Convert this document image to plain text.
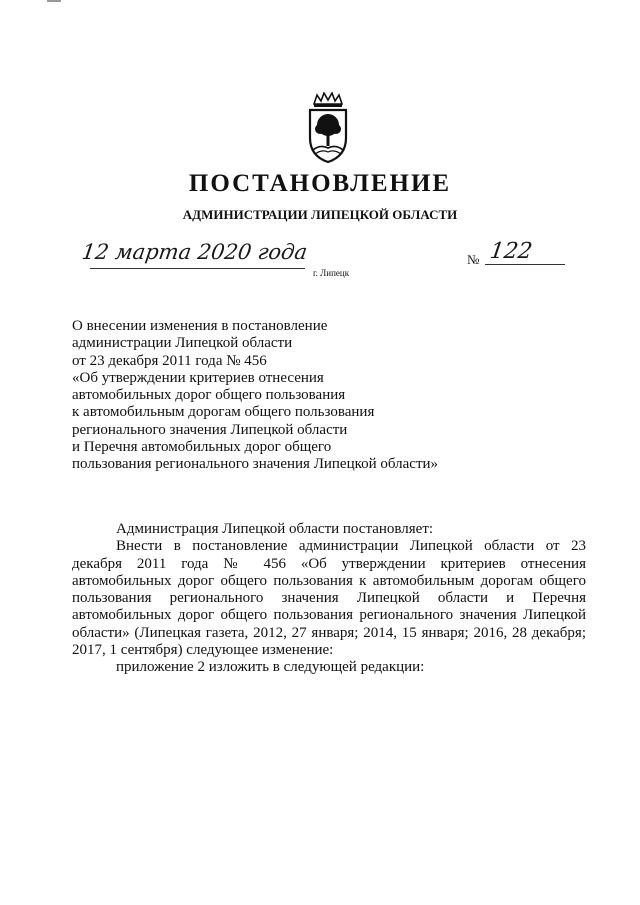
ПОСТАНОВЛЕНИЕ
АДМИНИСТРАЦИИ ЛИПЕЦКОЙ ОБЛАСТИ
12 марта 2020 года
г. Липецк
№ 122
О внесении изменения в постановление
администрации Липецкой области
от 23 декабря 2011 года № 456
«Об утверждении критериев отнесения
автомобильных дорог общего пользования
к автомобильным дорогам общего пользования
регионального значения Липецкой области
и Перечня автомобильных дорог общего
пользования регионального значения Липецкой области»
Администрация Липецкой области постановляет:

Внести в постановление администрации Липецкой области от 23 декабря 2011 года № 456 «Об утверждении критериев отнесения автомобильных дорог общего пользования к автомобильным дорогам общего пользования регионального значения Липецкой области и Перечня автомобильных дорог общего пользования регионального значения Липецкой области» (Липецкая газета, 2012, 27 января; 2014, 15 января; 2016, 28 декабря; 2017, 1 сентября) следующее изменение:

приложение 2 изложить в следующей редакции:
